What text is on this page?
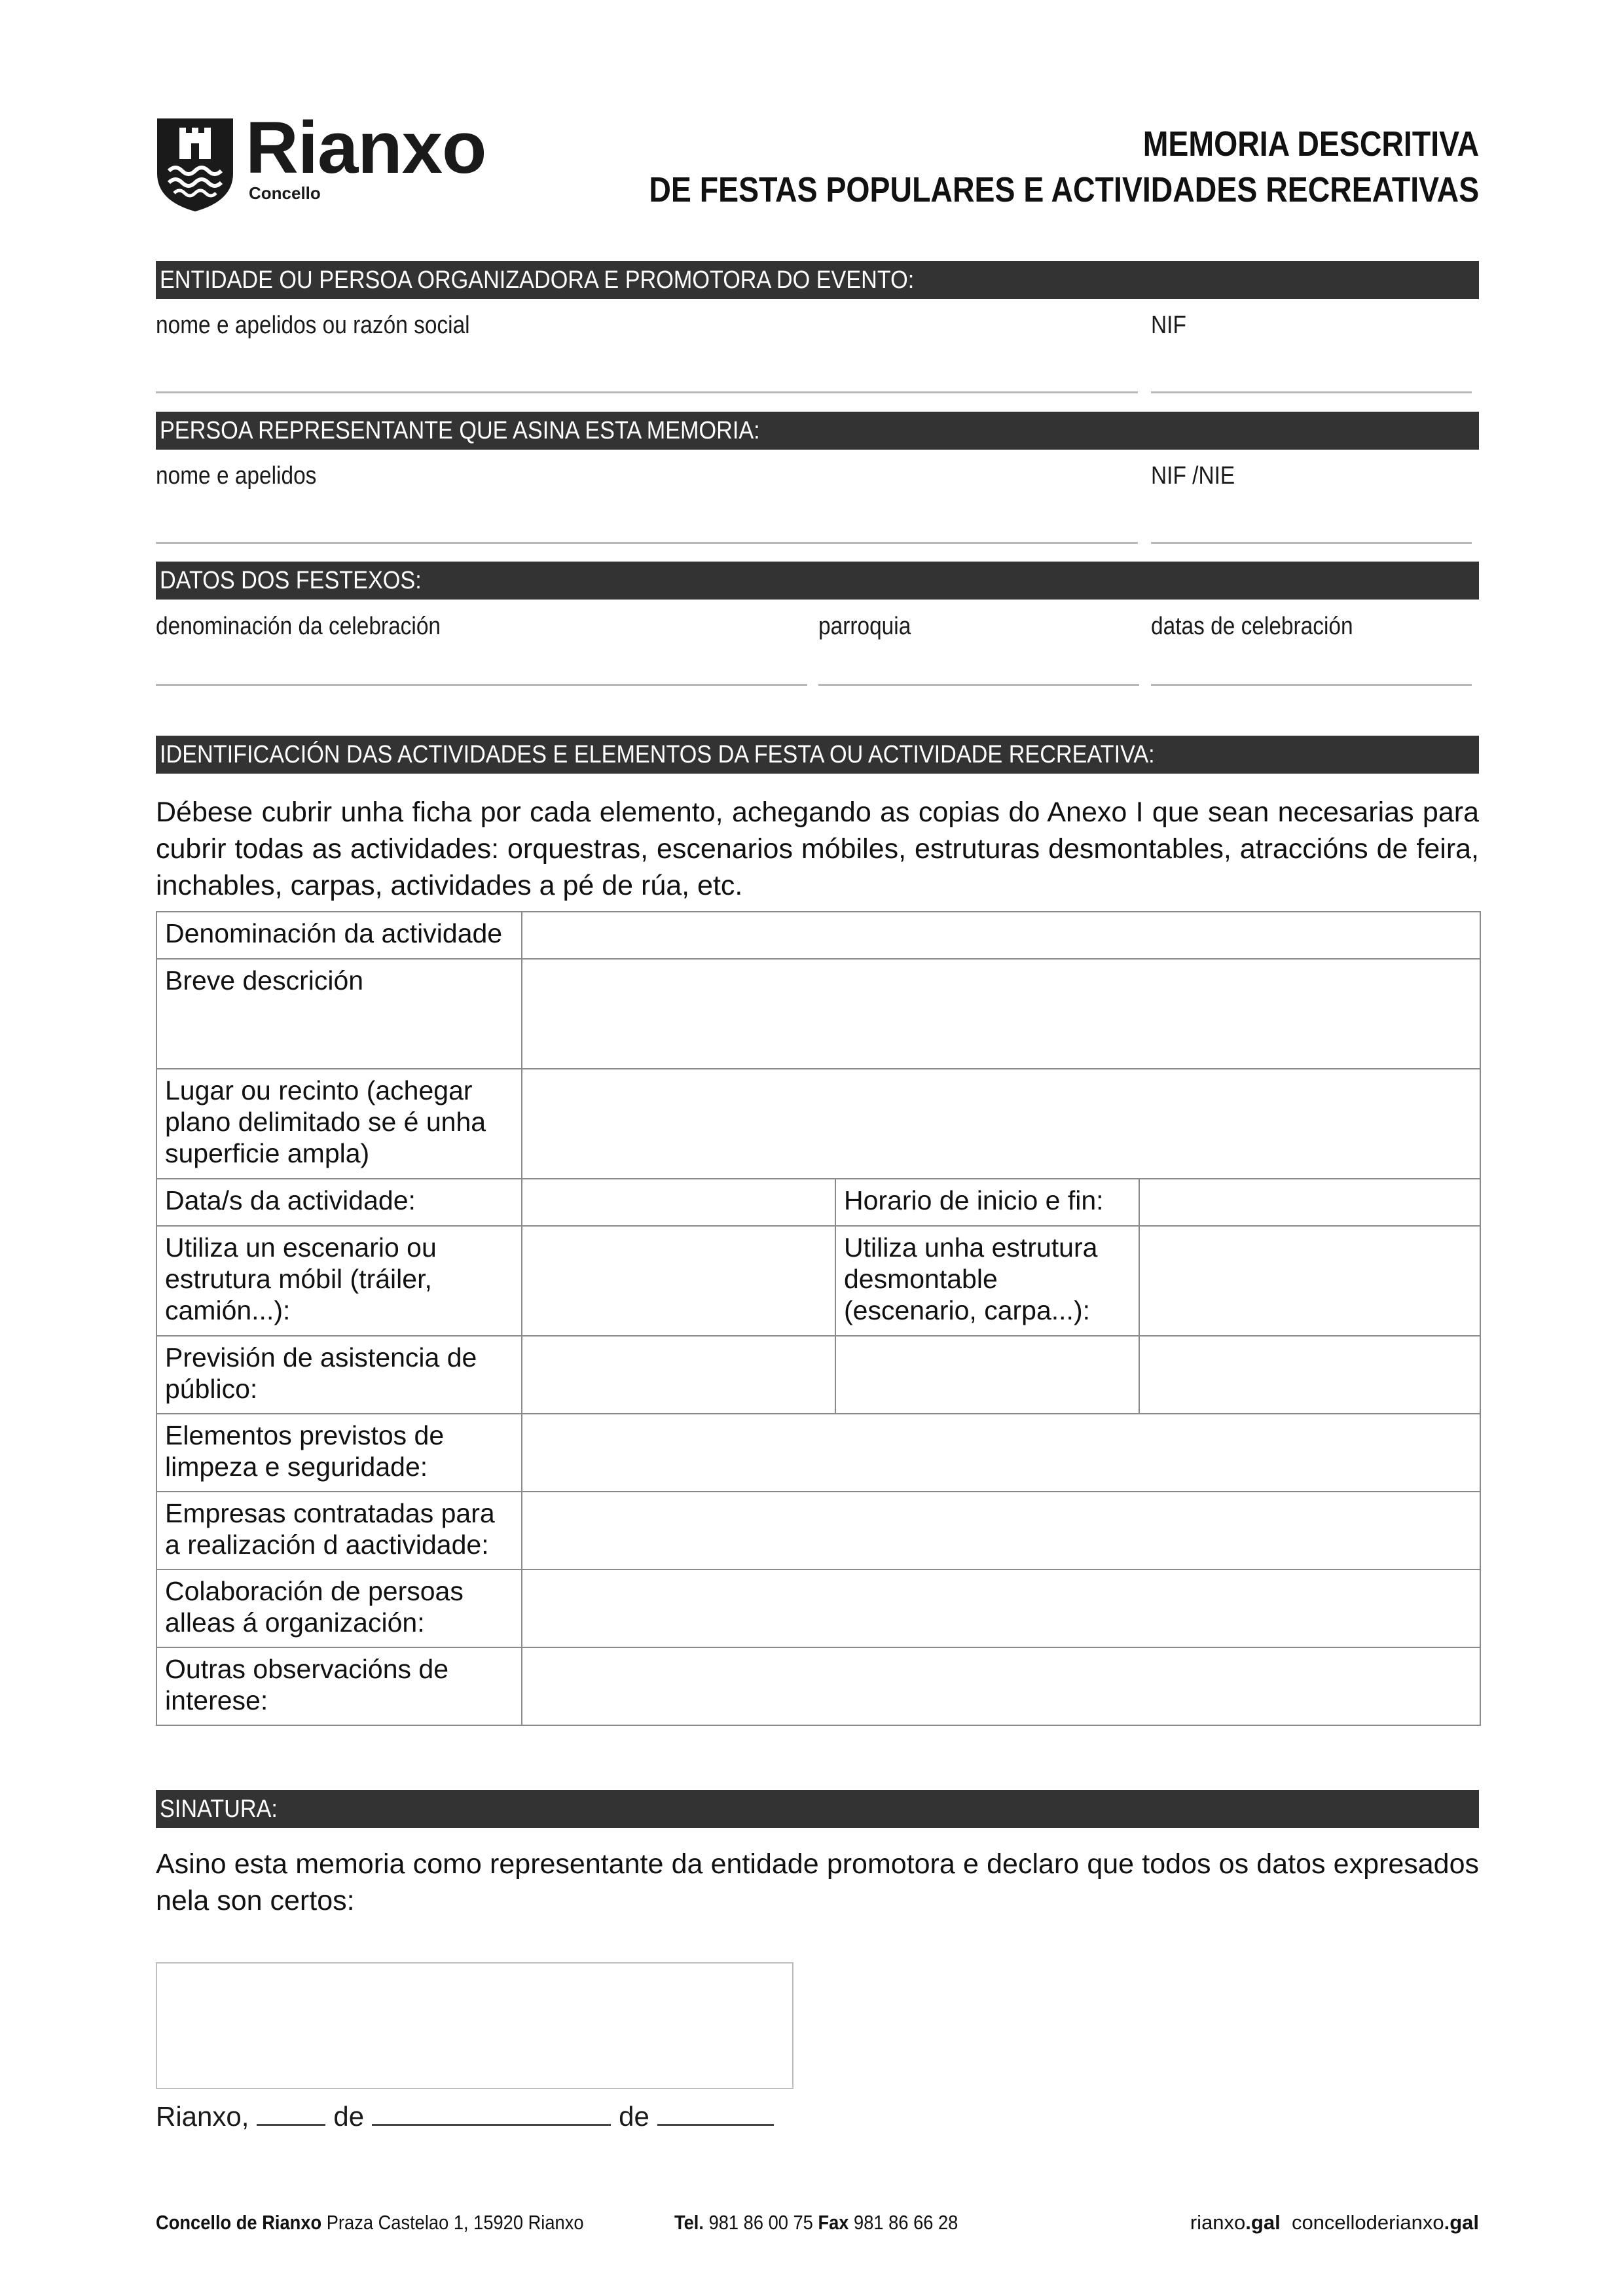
Rianxo
Concello
MEMORIA DESCRITIVA
DE FESTAS POPULARES E ACTIVIDADES RECREATIVAS
ENTIDADE OU PERSOA ORGANIZADORA E PROMOTORA DO EVENTO:
nome e apelidos ou razón social	NIF
PERSOA REPRESENTANTE QUE ASINA ESTA MEMORIA:
nome e apelidos	NIF /NIE
DATOS DOS FESTEXOS:
denominación da celebración	parroquia	datas de celebración
IDENTIFICACIÓN DAS ACTIVIDADES E ELEMENTOS DA FESTA OU ACTIVIDADE RECREATIVA:
Débese cubrir unha ficha por cada elemento, achegando as copias do Anexo I que sean necesarias para cubrir todas as actividades: orquestras, escenarios móbiles, estruturas desmontables, atraccións de feira, inchables, carpas, actividades a pé de rúa, etc.
Denominación da actividade			
Breve descrición			
Lugar ou recinto (achegar plano delimitado se é unha superficie ampla)			
Data/s da actividade:		Horario de inicio e fin:	
Utiliza un escenario ou estrutura móbil (tráiler, camión...):		Utiliza unha estrutura desmontable (escenario, carpa...):	
Previsión de asistencia de público:			
Elementos previstos de limpeza e seguridade:			
Empresas contratadas para a realización d aactividade:			
Colaboración de persoas alleas á organización:			
Outras observacións de interese:			
SINATURA:
Asino esta memoria como representante da entidade promotora e declaro que todos os datos expresados nela son certos:
Rianxo,	de	de
Concello de Rianxo Praza Castelao 1, 15920 Rianxo	Tel. 981 86 00 75 Fax 981 86 66 28	rianxo.gal concelloderianxo.gal
